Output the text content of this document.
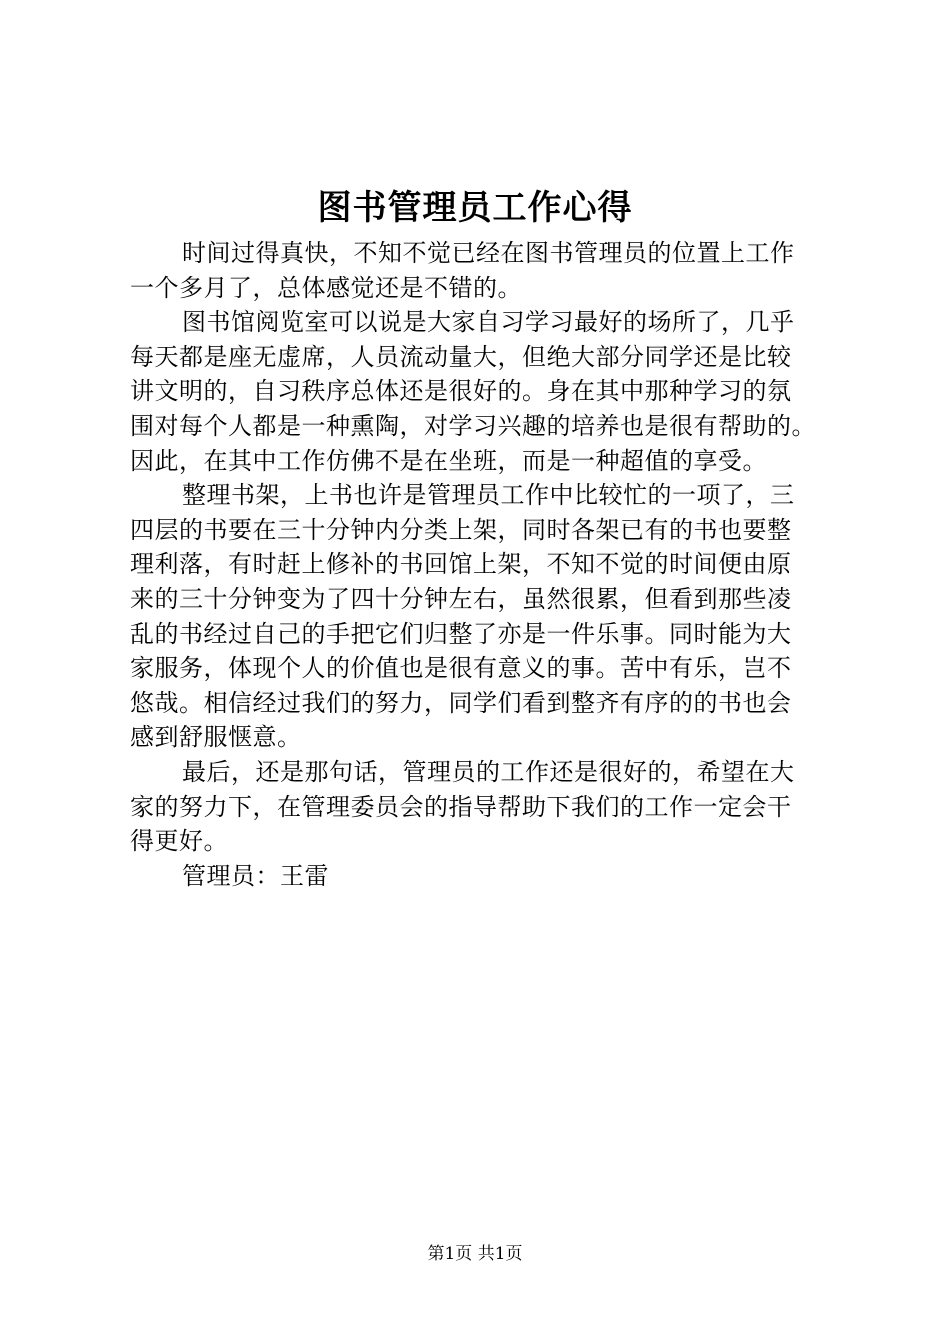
图书管理员工作心得
时间过得真快，不知不觉已经在图书管理员的位置上工作
一个多月了，总体感觉还是不错的。
图书馆阅览室可以说是大家自习学习最好的场所了，几乎
每天都是座无虚席，人员流动量大，但绝大部分同学还是比较
讲文明的，自习秩序总体还是很好的。身在其中那种学习的氛
围对每个人都是一种熏陶，对学习兴趣的培养也是很有帮助的。
因此，在其中工作仿佛不是在坐班，而是一种超值的享受。
整理书架，上书也许是管理员工作中比较忙的一项了，三
四层的书要在三十分钟内分类上架，同时各架已有的书也要整
理利落，有时赶上修补的书回馆上架，不知不觉的时间便由原
来的三十分钟变为了四十分钟左右，虽然很累，但看到那些凌
乱的书经过自己的手把它们归整了亦是一件乐事。同时能为大
家服务，体现个人的价值也是很有意义的事。苦中有乐，岂不
悠哉。相信经过我们的努力，同学们看到整齐有序的的书也会
感到舒服惬意。
最后，还是那句话，管理员的工作还是很好的，希望在大
家的努力下，在管理委员会的指导帮助下我们的工作一定会干
得更好。
管理员：王雷
第1页 共1页
